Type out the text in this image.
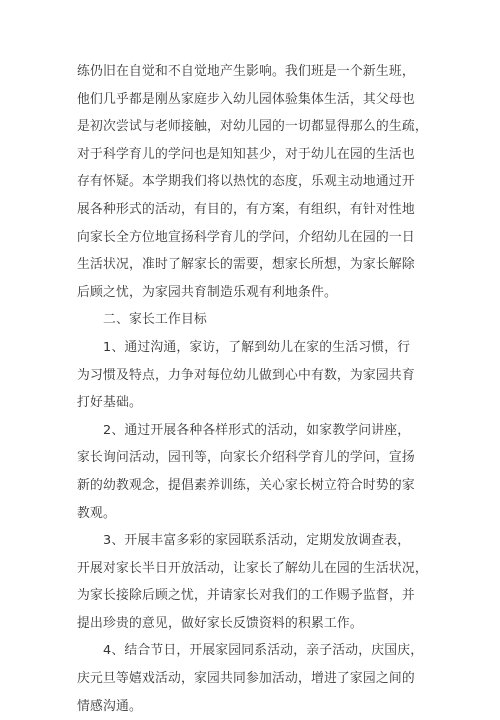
练仍旧在自觉和不自觉地产生影响。我们班是一个新生班，
他们几乎都是刚丛家庭步入幼儿园体验集体生活，其父母也
是初次尝试与老师接触，对幼儿园的一切都显得那么的生疏，
对于科学育儿的学问也是知知甚少，对于幼儿在园的生活也
存有怀疑。本学期我们将以热忱的态度，乐观主动地通过开
展各种形式的活动，有目的，有方案，有组织，有针对性地
向家长全方位地宣扬科学育儿的学问，介绍幼儿在园的一日
生活状况，准时了解家长的需要，想家长所想，为家长解除
后顾之忧，为家园共育制造乐观有利地条件。
　　二、家长工作目标
　　1、通过沟通，家访，了解到幼儿在家的生活习惯，行
为习惯及特点，力争对每位幼儿做到心中有数，为家园共育
打好基础。
　　2、通过开展各种各样形式的活动，如家教学问讲座，
家长询问活动，园刊等，向家长介绍科学育儿的学问，宣扬
新的幼教观念，提倡素养训练，关心家长树立符合时势的家
教观。
　　3、开展丰富多彩的家园联系活动，定期发放调查表，
开展对家长半日开放活动，让家长了解幼儿在园的生活状况，
为家长接除后顾之忧，并请家长对我们的工作赐予监督，并
提出珍贵的意见，做好家长反馈资料的积累工作。
　　4、结合节日，开展家园同系活动，亲子活动，庆国庆，
庆元旦等嬉戏活动，家园共同参加活动，增进了家园之间的
情感沟通。
